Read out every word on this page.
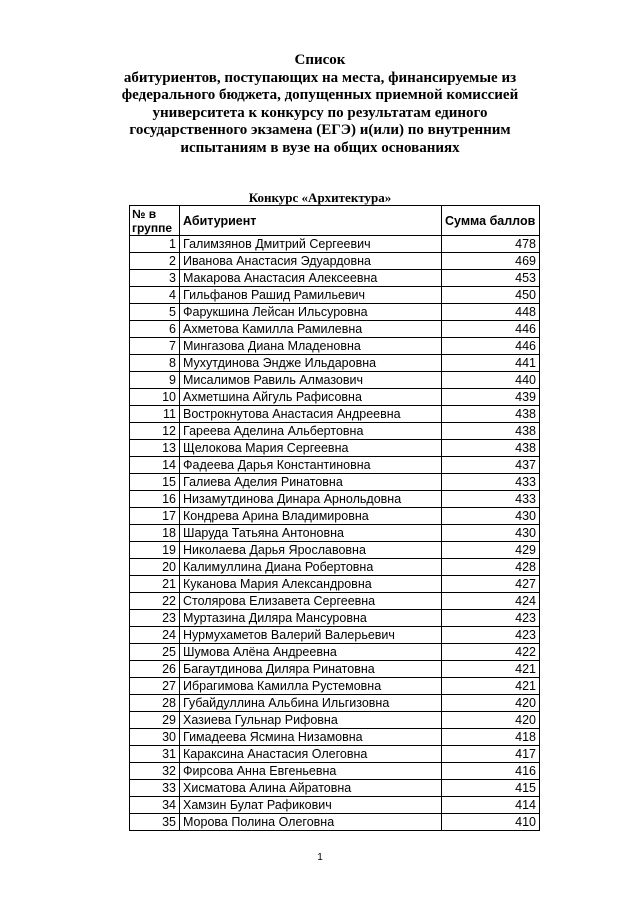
Список
абитуриентов, поступающих на места, финансируемые из
федерального бюджета, допущенных приемной комиссией
университета к конкурсу по результатам единого
государственного экзамена (ЕГЭ) и(или) по внутренним
испытаниям в вузе на общих основаниях
Конкурс «Архитектура»
№ в группе	Абитуриент	Сумма баллов
1	Галимзянов Дмитрий Сергеевич	478
2	Иванова Анастасия Эдуардовна	469
3	Макарова Анастасия Алексеевна	453
4	Гильфанов Рашид Рамильевич	450
5	Фарукшина Лейсан Ильсуровна	448
6	Ахметова Камилла Рамилевна	446
7	Мингазова Диана Младеновна	446
8	Мухутдинова Эндже Ильдаровна	441
9	Мисалимов Равиль Алмазович	440
10	Ахметшина Айгуль Рафисовна	439
11	Вострокнутова Анастасия Андреевна	438
12	Гареева Аделина Альбертовна	438
13	Щелокова Мария Сергеевна	438
14	Фадеева Дарья Константиновна	437
15	Галиева Аделия Ринатовна	433
16	Низамутдинова Динара Арнольдовна	433
17	Кондрева Арина Владимировна	430
18	Шаруда Татьяна Антоновна	430
19	Николаева Дарья Ярославовна	429
20	Калимуллина Диана Робертовна	428
21	Куканова Мария Александровна	427
22	Столярова Елизавета Сергеевна	424
23	Муртазина Диляра Мансуровна	423
24	Нурмухаметов Валерий Валерьевич	423
25	Шумова Алёна Андреевна	422
26	Багаутдинова Диляра Ринатовна	421
27	Ибрагимова Камилла Рустемовна	421
28	Губайдуллина Альбина Ильгизовна	420
29	Хазиева Гульнар Рифовна	420
30	Гимадеева Ясмина Низамовна	418
31	Караксина Анастасия Олеговна	417
32	Фирсова Анна Евгеньевна	416
33	Хисматова Алина Айратовна	415
34	Хамзин Булат Рафикович	414
35	Морова Полина Олеговна	410
1
